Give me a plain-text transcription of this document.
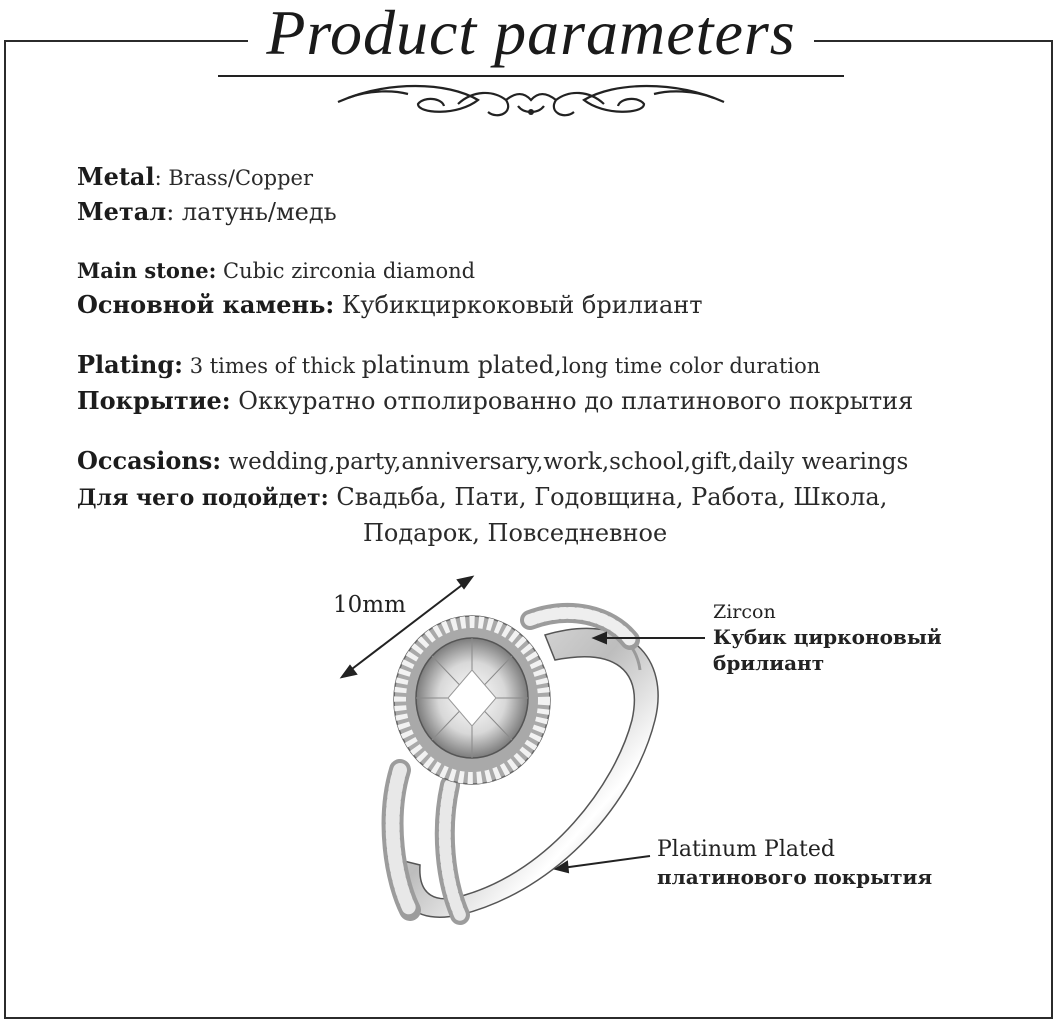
Product parameters
Metal: Brass/Copper
Метал: латунь/медь
Main stone: Cubic zirconia diamond
Основной камень: Кубикциркоковый брилиант
Plating: 3 times of thick platinum plated,long time color duration
Покрытие: Оккуратно отполированно до платинового покрытия
Occasions: wedding,party,anniversary,work,school,gift,daily wearings
Для чего подойдет: Свадьба, Пати, Годовщина, Работа, Школа,
Подарок, Повседневное
10mm	Zircon
Кубик цирконовый
брилиант
Platinum Plated
платинового покрытия
